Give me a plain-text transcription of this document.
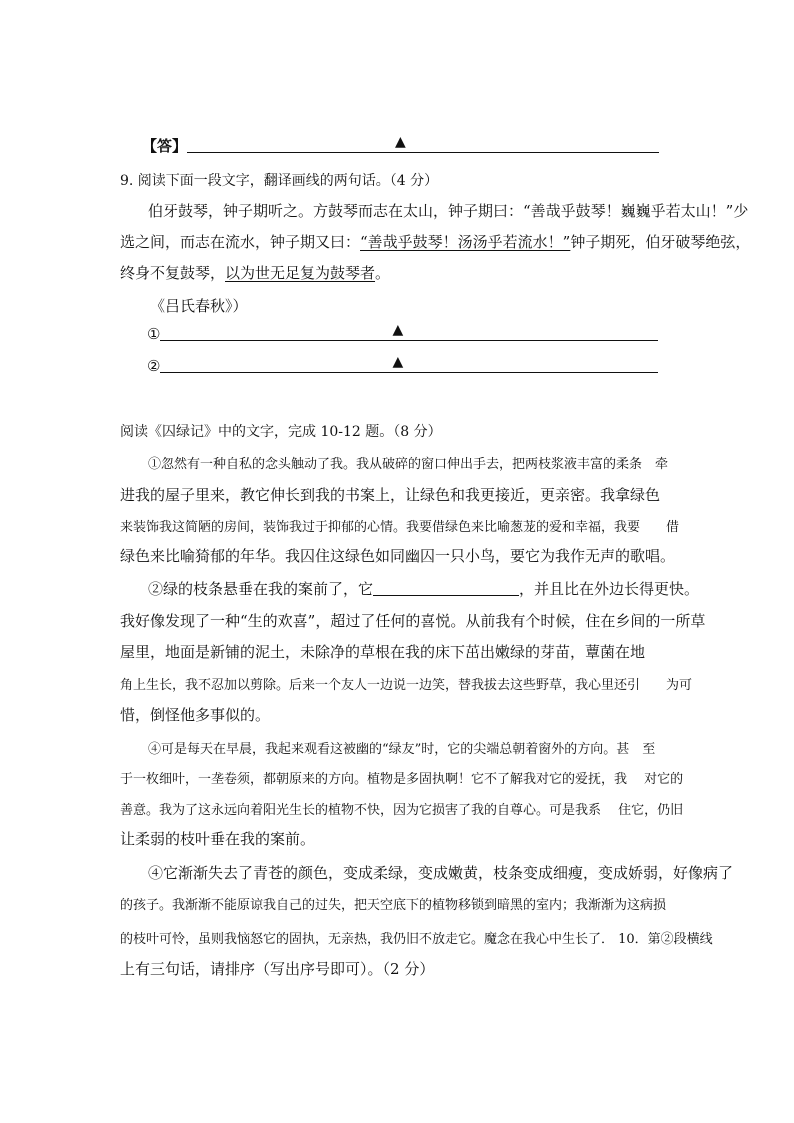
【答】	▲
9. 阅读下面一段文字，翻译画线的两句话。（4 分）
伯牙鼓琴，钟子期听之。方鼓琴而志在太山，钟子期曰：“善哉乎鼓琴！巍巍乎若太山！”少
选之间，而志在流水，钟子期又曰：“善哉乎鼓琴！汤汤乎若流水！”钟子期死，伯牙破琴绝弦，
终身不复鼓琴，以为世无足复为鼓琴者。
《吕氏春秋》）
①	▲
②	▲
阅读《囚绿记》中的文字，完成 10-12 题。（8 分）
①忽然有一种自私的念头触动了我。我从破碎的窗口伸出手去，把两枝浆液丰富的柔条　牵
进我的屋子里来，教它伸长到我的书案上，让绿色和我更接近，更亲密。我拿绿色
来装饰我这简陋的房间，装饰我过于抑郁的心情。我要借绿色来比喻葱茏的爱和幸福，我要　　借
绿色来比喻猗郁的年华。我囚住这绿色如同幽囚一只小鸟，要它为我作无声的歌唱。
②绿的枝条悬垂在我的案前了，它	，并且比在外边长得更快。
我好像发现了一种“生的欢喜”，超过了任何的喜悦。从前我有个时候，住在乡间的一所草
屋里，地面是新铺的泥土，未除净的草根在我的床下茁出嫩绿的芽苗，蕈菌在地
角上生长，我不忍加以剪除。后来一个友人一边说一边笑，替我拔去这些野草，我心里还引　　为可
惜，倒怪他多事似的。
④可是每天在早晨，我起来观看这被幽的“绿友”时，它的尖端总朝着窗外的方向。甚　至
于一枚细叶，一垄卷须，都朝原来的方向。植物是多固执啊！它不了解我对它的爱抚，我　 对它的
善意。我为了这永远向着阳光生长的植物不快，因为它损害了我的自尊心。可是我系　 住它，仍旧
让柔弱的枝叶垂在我的案前。
④它渐渐失去了青苍的颜色，变成柔绿，变成嫩黄，枝条变成细瘦，变成娇弱，好像病了
的孩子。我渐渐不能原谅我自己的过失，把天空底下的植物移锁到暗黑的室内；我渐渐为这病损
的枝叶可怜，虽则我恼怒它的固执，无亲热，我仍旧不放走它。魔念在我心中生长了． 10．第②段横线
上有三句话，请排序（写出序号即可）。（2 分）
